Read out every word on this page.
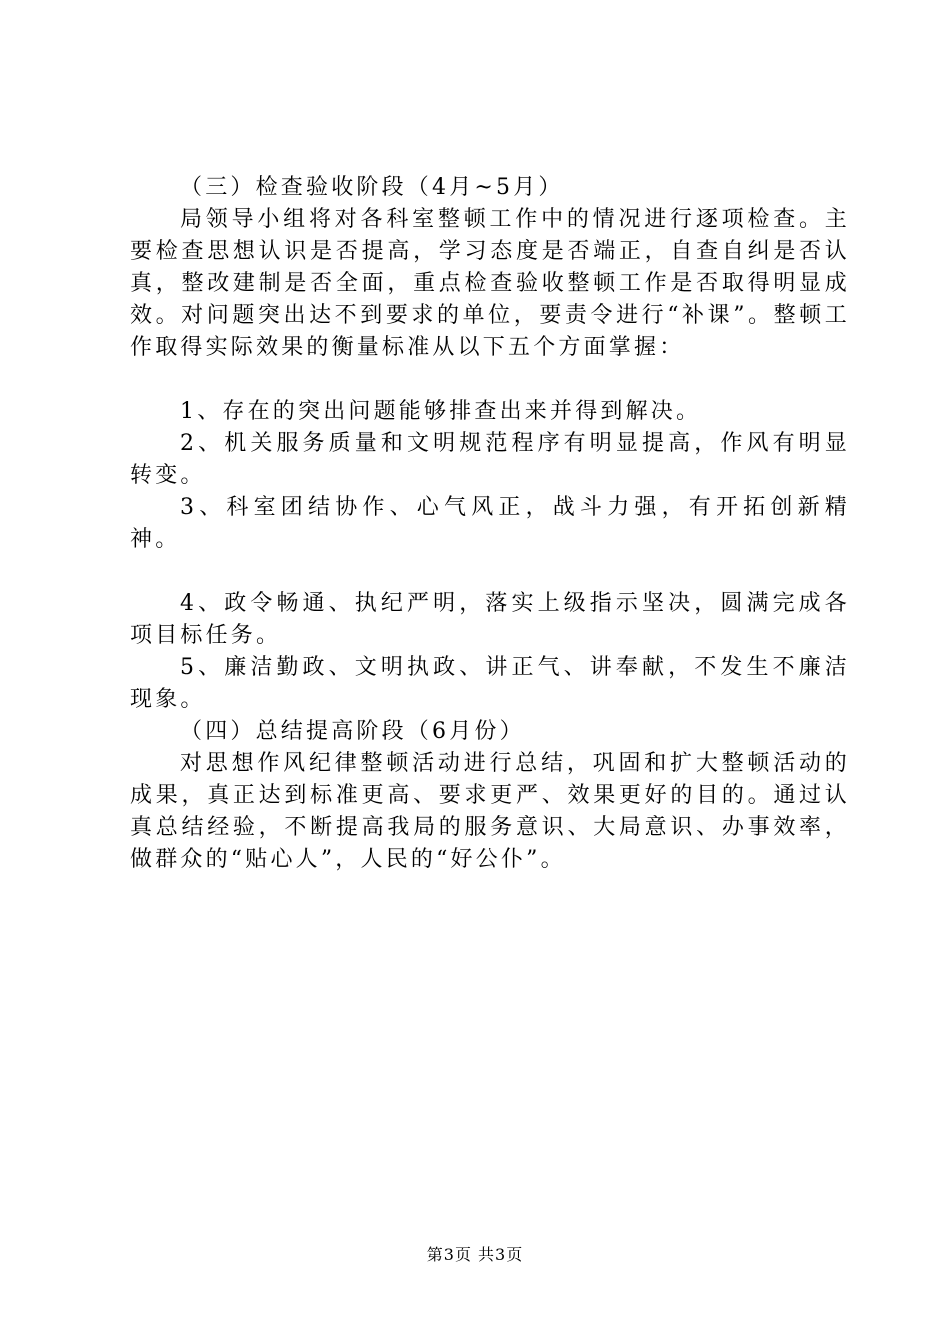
（三）检查验收阶段（4月~5月）

局领导小组将对各科室整顿工作中的情况进行逐项检查。主要检查思想认识是否提高，学习态度是否端正，自查自纠是否认真，整改建制是否全面，重点检查验收整顿工作是否取得明显成效。对问题突出达不到要求的单位，要责令进行“补课”。整顿工作取得实际效果的衡量标准从以下五个方面掌握：

1、存在的突出问题能够排查出来并得到解决。

2、机关服务质量和文明规范程序有明显提高，作风有明显转变。

3、科室团结协作、心气风正，战斗力强，有开拓创新精神。

4、政令畅通、执纪严明，落实上级指示坚决，圆满完成各项目标任务。

5、廉洁勤政、文明执政、讲正气、讲奉献，不发生不廉洁现象。

（四）总结提高阶段（6月份）

对思想作风纪律整顿活动进行总结，巩固和扩大整顿活动的成果，真正达到标准更高、要求更严、效果更好的目的。通过认真总结经验，不断提高我局的服务意识、大局意识、办事效率，做群众的“贴心人”，人民的“好公仆”。

第3页 共3页
